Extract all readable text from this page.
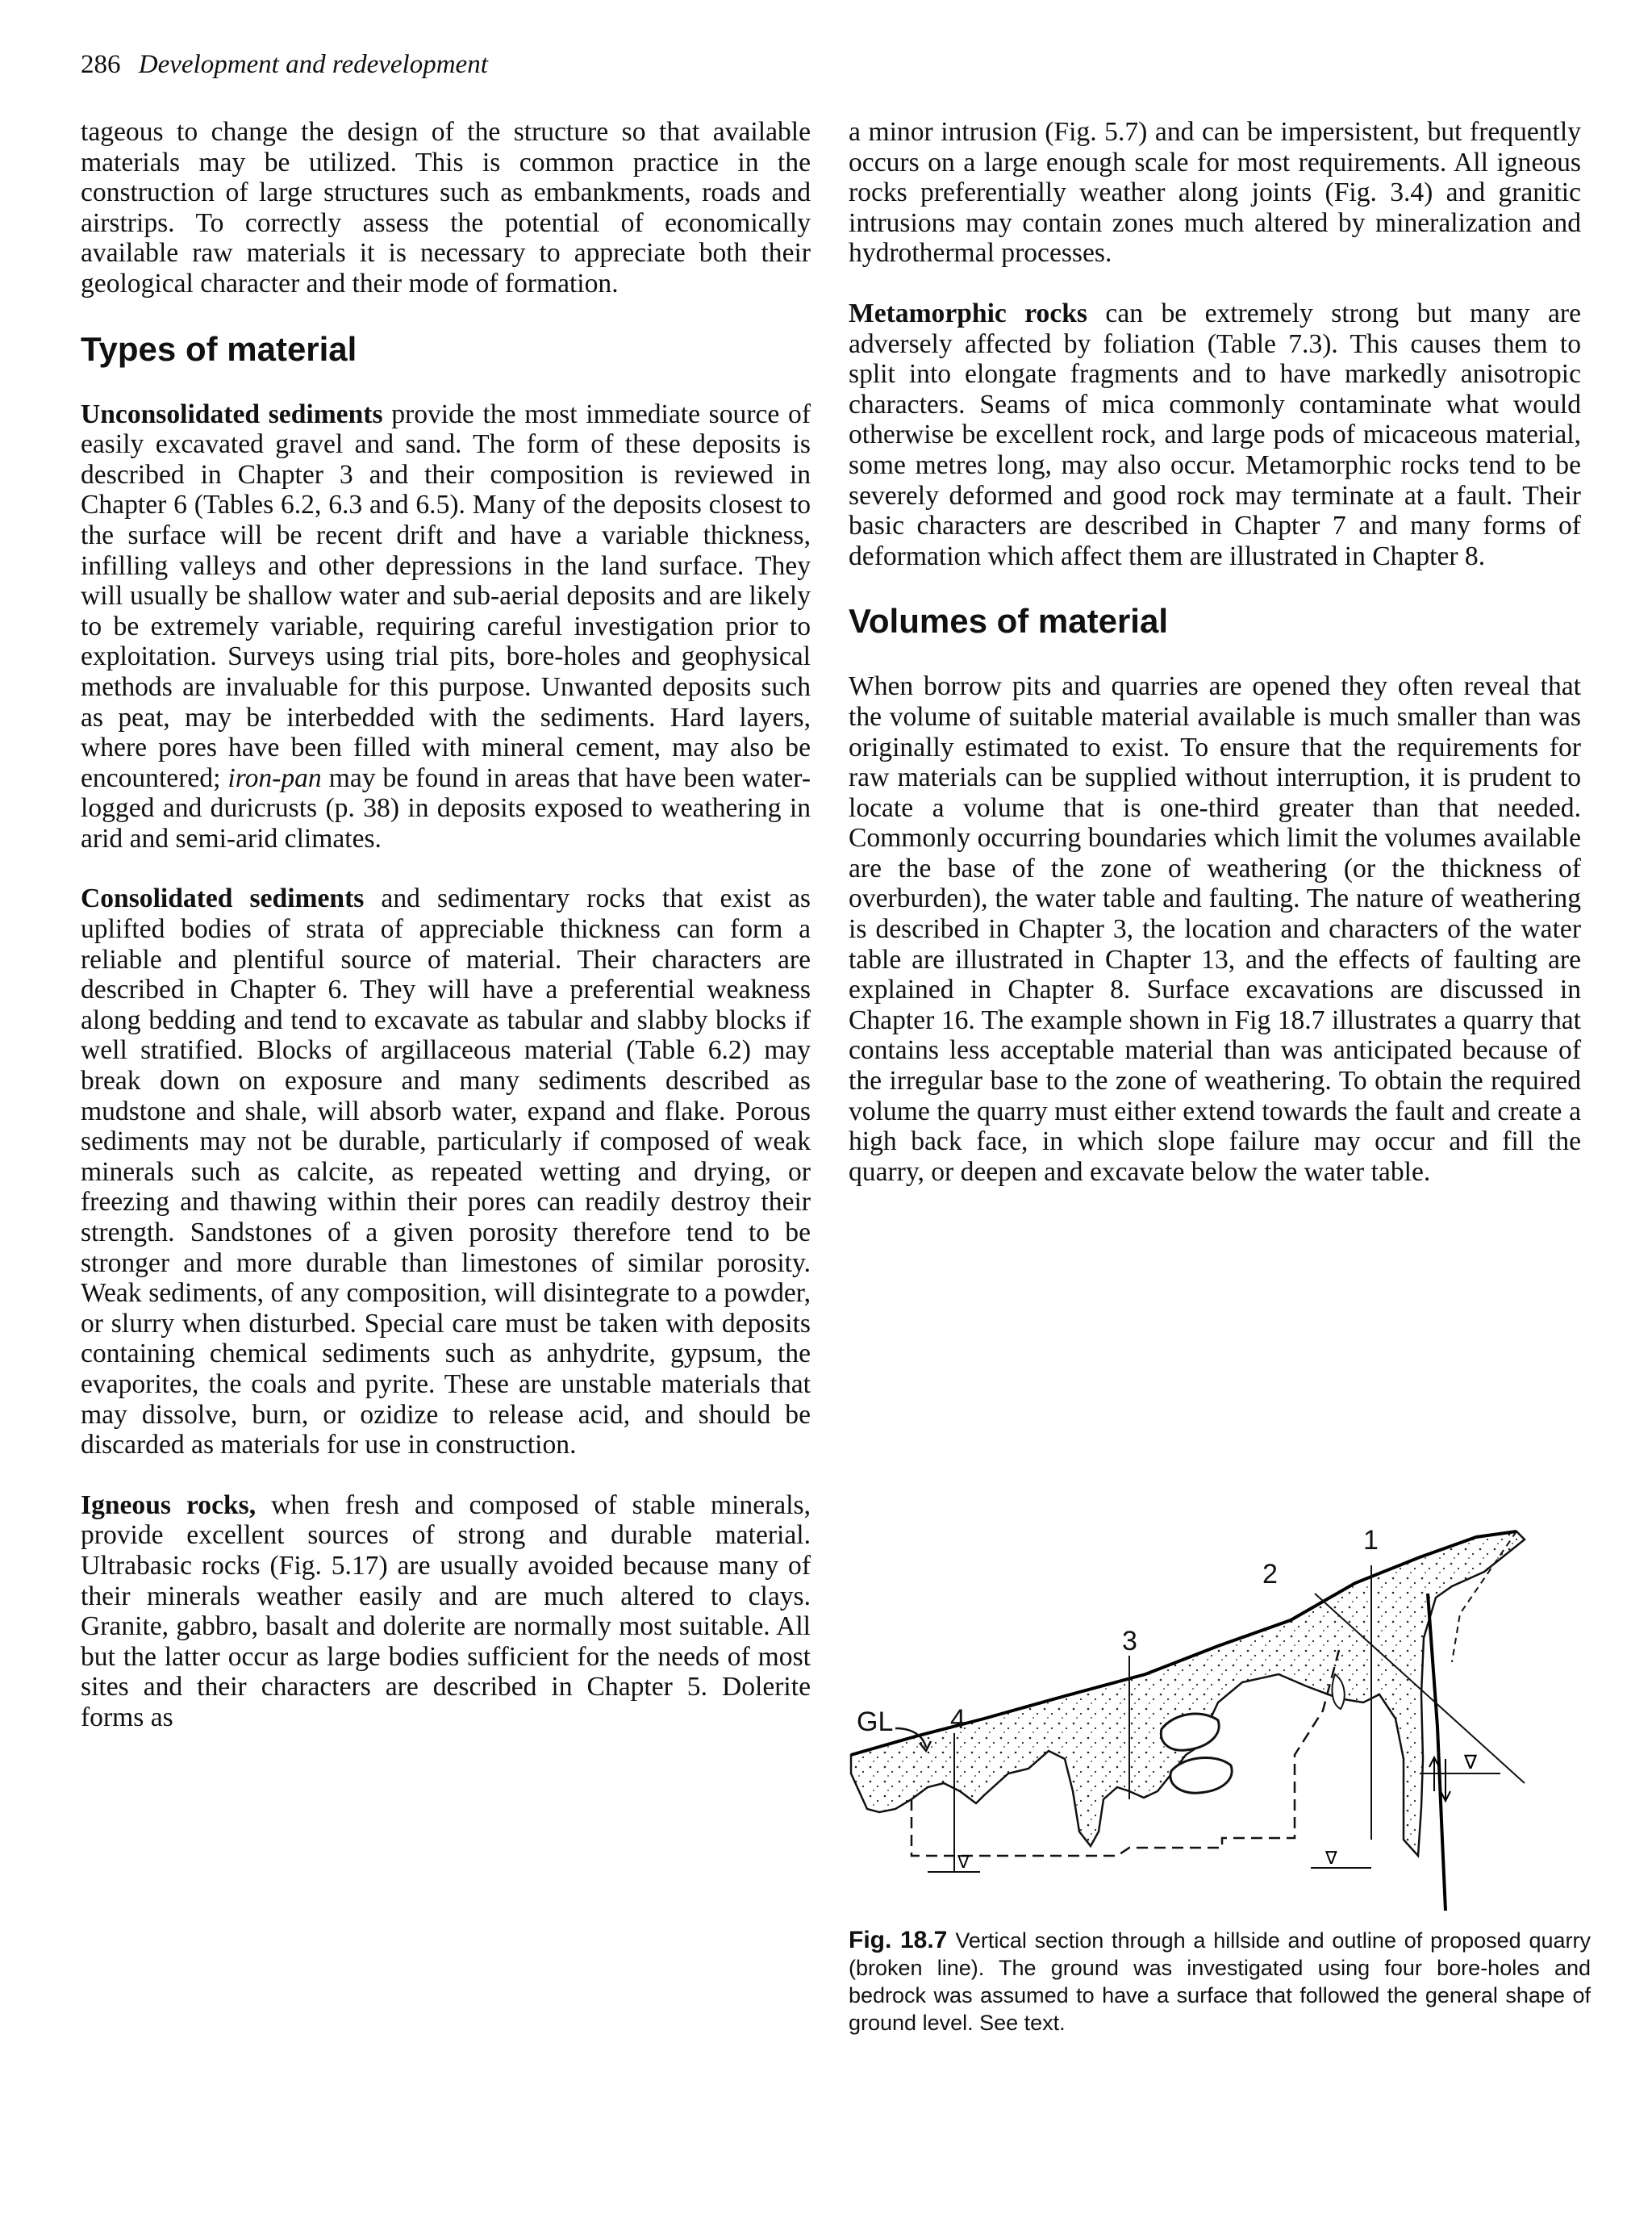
286 Development and redevelopment

tageous to change the design of the structure so that available materials may be utilized. This is common practice in the construction of large structures such as embankments, roads and airstrips. To correctly assess the potential of economically available raw materials it is necessary to appreciate both their geological character and their mode of formation.

Types of material

Unconsolidated sediments provide the most immediate source of easily excavated gravel and sand. The form of these deposits is described in Chapter 3 and their composition is reviewed in Chapter 6 (Tables 6.2, 6.3 and 6.5). Many of the deposits closest to the surface will be recent drift and have a variable thickness, infilling valleys and other depressions in the land surface. They will usually be shallow water and sub-aerial deposits and are likely to be extremely variable, requiring careful investigation prior to exploitation. Surveys using trial pits, bore-holes and geophysical methods are invaluable for this purpose. Unwanted deposits such as peat, may be interbedded with the sediments. Hard layers, where pores have been filled with mineral cement, may also be encountered; iron-pan may be found in areas that have been water-logged and duricrusts (p. 38) in deposits exposed to weathering in arid and semi-arid climates.

Consolidated sediments and sedimentary rocks that exist as uplifted bodies of strata of appreciable thickness can form a reliable and plentiful source of material. Their characters are described in Chapter 6. They will have a preferential weakness along bedding and tend to excavate as tabular and slabby blocks if well stratified. Blocks of argillaceous material (Table 6.2) may break down on exposure and many sediments described as mudstone and shale, will absorb water, expand and flake. Porous sediments may not be durable, particularly if composed of weak minerals such as calcite, as repeated wetting and drying, or freezing and thawing within their pores can readily destroy their strength. Sandstones of a given porosity therefore tend to be stronger and more durable than limestones of similar porosity. Weak sediments, of any composition, will disintegrate to a powder, or slurry when disturbed. Special care must be taken with deposits containing chemical sediments such as anhydrite, gypsum, the evaporites, the coals and pyrite. These are unstable materials that may dissolve, burn, or ozidize to release acid, and should be discarded as materials for use in construction.

Igneous rocks, when fresh and composed of stable minerals, provide excellent sources of strong and durable material. Ultrabasic rocks (Fig. 5.17) are usually avoided because many of their minerals weather easily and are much altered to clays. Granite, gabbro, basalt and dolerite are normally most suitable. All but the latter occur as large bodies sufficient for the needs of most sites and their characters are described in Chapter 5. Dolerite forms as

a minor intrusion (Fig. 5.7) and can be impersistent, but frequently occurs on a large enough scale for most requirements. All igneous rocks preferentially weather along joints (Fig. 3.4) and granitic intrusions may contain zones much altered by mineralization and hydrothermal processes.

Metamorphic rocks can be extremely strong but many are adversely affected by foliation (Table 7.3). This causes them to split into elongate fragments and to have markedly anisotropic characters. Seams of mica commonly contaminate what would otherwise be excellent rock, and large pods of micaceous material, some metres long, may also occur. Metamorphic rocks tend to be severely deformed and good rock may terminate at a fault. Their basic characters are described in Chapter 7 and many forms of deformation which affect them are illustrated in Chapter 8.

Volumes of material

When borrow pits and quarries are opened they often reveal that the volume of suitable material available is much smaller than was originally estimated to exist. To ensure that the requirements for raw materials can be supplied without interruption, it is prudent to locate a volume that is one-third greater than that needed. Commonly occurring boundaries which limit the volumes available are the base of the zone of weathering (or the thickness of overburden), the water table and faulting. The nature of weathering is described in Chapter 3, the location and characters of the water table are illustrated in Chapter 13, and the effects of faulting are explained in Chapter 8. Surface excavations are discussed in Chapter 16. The example shown in Fig 18.7 illustrates a quarry that contains less acceptable material than was anticipated because of the irregular base to the zone of weathering. To obtain the required volume the quarry must either extend towards the fault and create a high back face, in which slope failure may occur and fill the quarry, or deepen and excavate below the water table.

∇
∇	∇
1
2
3
4
GL
Fig. 18.7 Vertical section through a hillside and outline of proposed quarry (broken line). The ground was investigated using four bore-holes and bedrock was assumed to have a surface that followed the general shape of ground level. See text.
